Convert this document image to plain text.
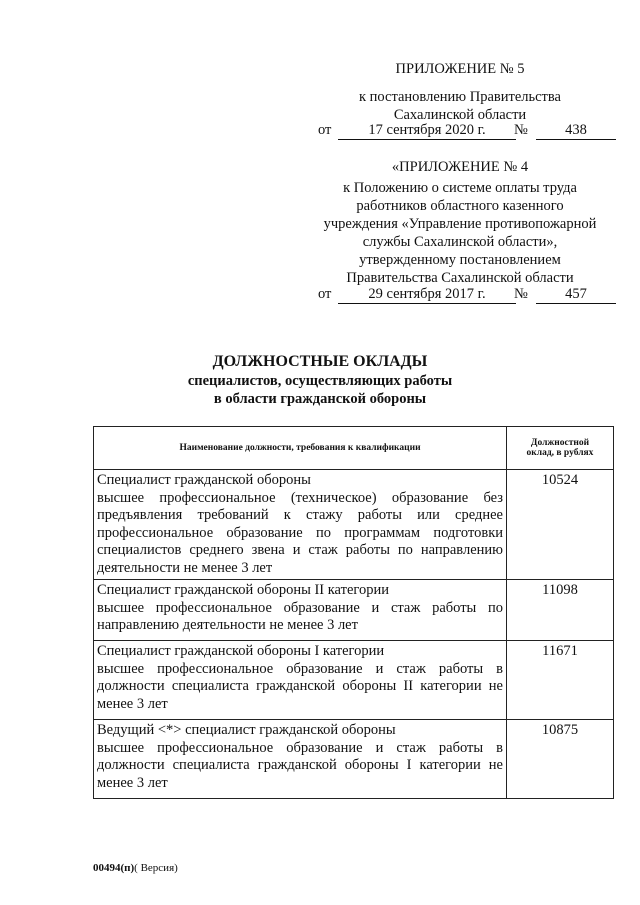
ПРИЛОЖЕНИЕ № 5
к постановлению Правительства
Сахалинской области
от	17 сентября 2020 г.	№	438
«ПРИЛОЖЕНИЕ № 4
к Положению о системе оплаты труда
работников областного казенного
учреждения «Управление противопожарной
службы Сахалинской области»,
утвержденному постановлением
Правительства Сахалинской области
от	29 сентября 2017 г.	№	457
ДОЛЖНОСТНЫЕ ОКЛАДЫ
специалистов, осуществляющих работы
в области гражданской обороны
Наименование должности, требования к квалификации	Должностной
оклад, в рублях

Специалист гражданской обороны
высшее профессиональное (техническое) образование без предъявления требований к стажу работы или среднее профессиональное образование по программам подготовки специалистов среднего звена и стаж работы по направлению деятельности не менее 3 лет	10524

Специалист гражданской обороны II категории
высшее профессиональное образование и стаж работы по направлению деятельности не менее 3 лет	11098

Специалист гражданской обороны I категории
высшее профессиональное образование и стаж работы в должности специалиста гражданской обороны II категории не менее 3 лет	11671

Ведущий <*> специалист гражданской обороны
высшее профессиональное образование и стаж работы в должности специалиста гражданской обороны I категории не менее 3 лет	10875
00494(п)( Версия)
